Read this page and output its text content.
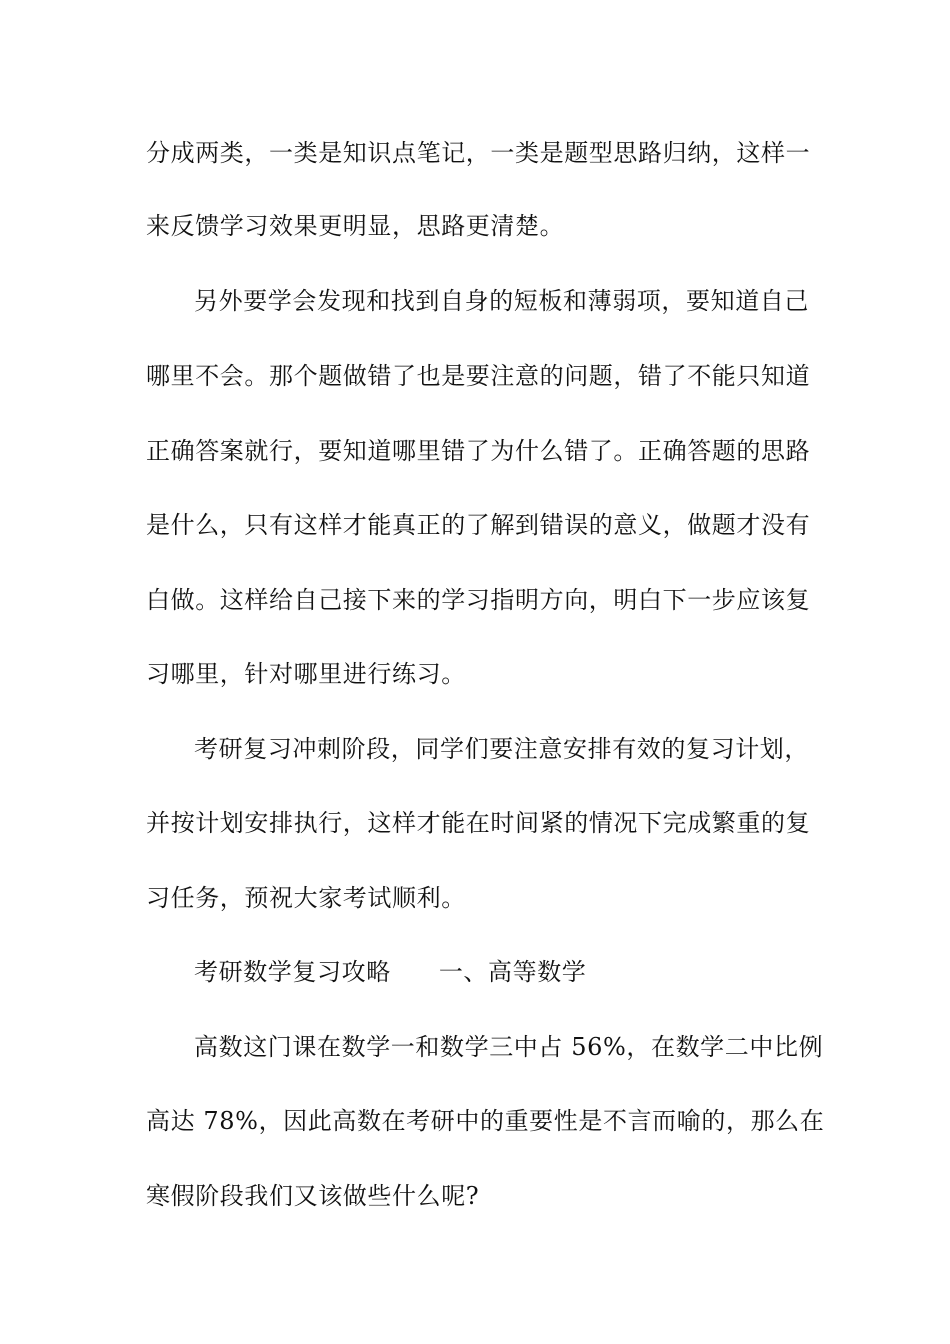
分成两类，一类是知识点笔记，一类是题型思路归纳，这样一
来反馈学习效果更明显，思路更清楚。
另外要学会发现和找到自身的短板和薄弱项，要知道自己
哪里不会。那个题做错了也是要注意的问题，错了不能只知道
正确答案就行，要知道哪里错了为什么错了。正确答题的思路
是什么，只有这样才能真正的了解到错误的意义，做题才没有
白做。这样给自己接下来的学习指明方向，明白下一步应该复
习哪里，针对哪里进行练习。
考研复习冲刺阶段，同学们要注意安排有效的复习计划，
并按计划安排执行，这样才能在时间紧的情况下完成繁重的复
习任务，预祝大家考试顺利。
考研数学复习攻略 一、高等数学
高数这门课在数学一和数学三中占 56%，在数学二中比例
高达 78%，因此高数在考研中的重要性是不言而喻的，那么在
寒假阶段我们又该做些什么呢?
